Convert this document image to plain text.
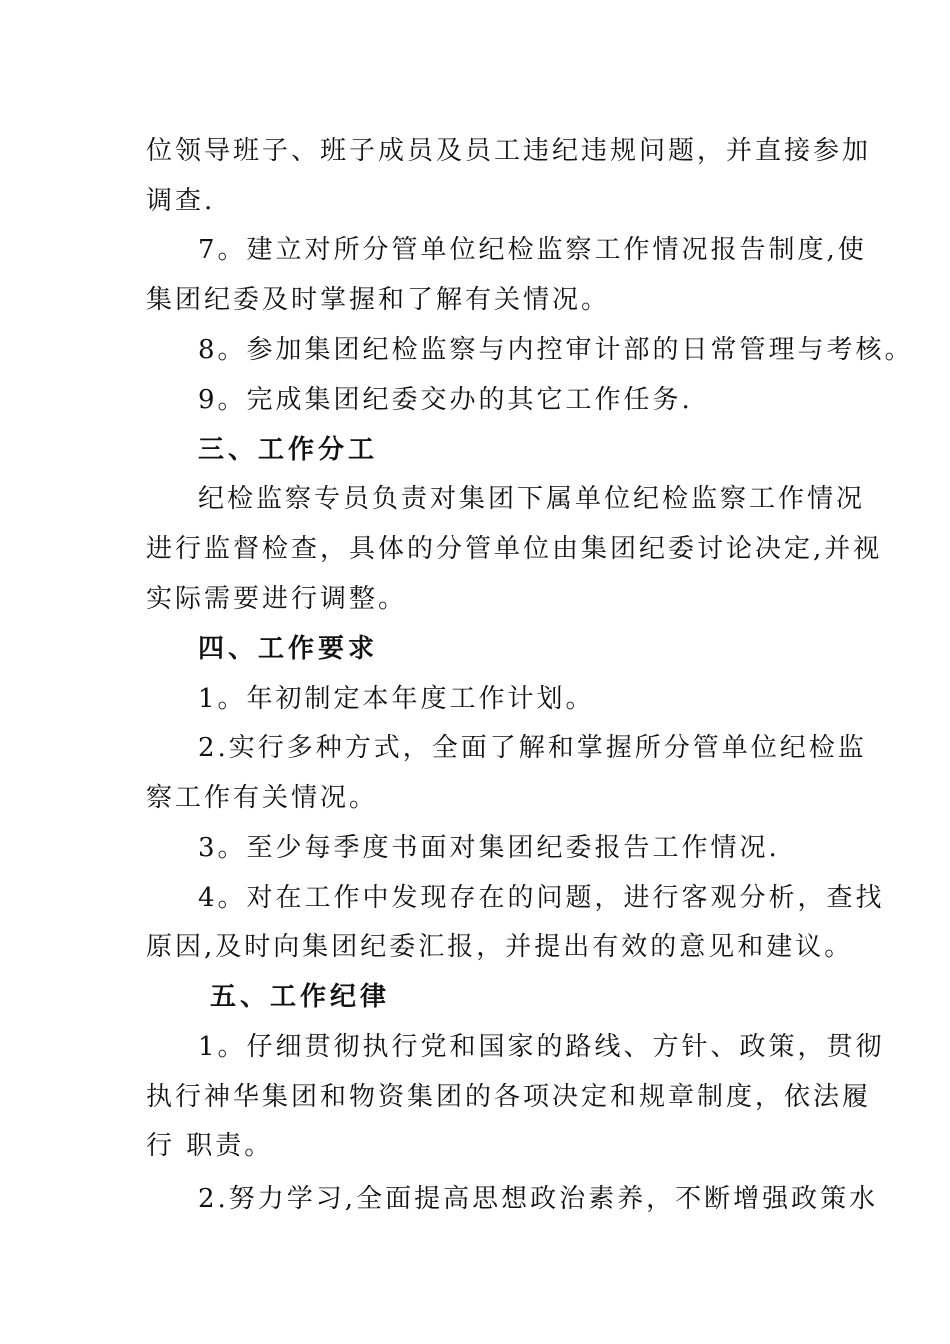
位领导班子、班子成员及员工违纪违规问题，并直接参加
调查.
7。建立对所分管单位纪检监察工作情况报告制度,使
集团纪委及时掌握和了解有关情况。
8。参加集团纪检监察与内控审计部的日常管理与考核。
9。完成集团纪委交办的其它工作任务.
三、工作分工
纪检监察专员负责对集团下属单位纪检监察工作情况
进行监督检查，具体的分管单位由集团纪委讨论决定,并视
实际需要进行调整。
四、工作要求
1。年初制定本年度工作计划。
2.实行多种方式，全面了解和掌握所分管单位纪检监
察工作有关情况。
3。至少每季度书面对集团纪委报告工作情况.
4。对在工作中发现存在的问题，进行客观分析，查找
原因,及时向集团纪委汇报，并提出有效的意见和建议。
五、工作纪律
1。仔细贯彻执行党和国家的路线、方针、政策，贯彻
执行神华集团和物资集团的各项决定和规章制度，依法履
行 职责。
2.努力学习,全面提高思想政治素养，不断增强政策水
